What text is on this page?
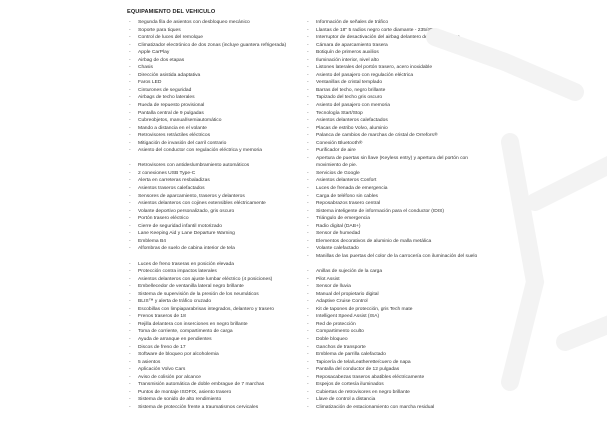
EQUIPAMIENTO DEL VEHICULO
- Segunda fila de asientos con desbloqueo mecánico
- Soporte para tiques
- Control de luces del remolque
- Climatizador electrónico de dos zonas (incluye guantera refrigerada)
- Apple CarPlay
- Airbag de dos etapas
- Chasis
- Dirección asistida adaptativa
- Faros LED
- Cinturones de seguridad
- Airbags de techo laterales
- Rueda de repuesto provisional
- Pantalla central de 9 pulgadas
- Cubreobjetos, manual/semiautomático
- Mando a distancia en el volante
- Retrovisores retráctiles eléctricos
- Mitigación de invasión del carril contrario
- Asiento del conductor con regulación eléctrica y memoria
- Retrovisores con antideslumbramiento automáticos
- 2 conexiones USB Type-C
- Alerta en carreteras resbaladizas
- Asientos traseros calefactados
- Sensores de aparcamiento, traseros y delanteros
- Asientos delanteros con cojines extensibles eléctricamente
- Volante deportivo personalizado, gris oscuro
- Portón trasero eléctrico
- Cierre de seguridad infantil motorizado
- Lane Keeping Aid y Lane Departure Warning
- Emblema B4
- Alfombras de suelo de cabina interior de tela
- Luces de freno traseras en posición elevada
- Protección contra impactos laterales
- Asientos delanteros con ajuste lumbar eléctrico (4 posiciones)
- Embellecedor de ventanilla lateral negro brillante
- Sistema de supervisión de la presión de los neumáticos
- BLIS™ y alerta de tráfico cruzado
- Escobillas con limpiaparabrisas integrados, delantero y trasero
- Frenos traseros de 18
- Rejilla delantera con inserciones en negro brillante
- Toma de corriente, compartimento de carga
- Ayuda de arranque en pendientes
- Discos de freno de 17
- Software de bloqueo por alcoholemia
- 5 asientos
- Aplicación Volvo Cars
- Aviso de colisión por alcance
- Transmisión automática de doble embrague de 7 marchas
- Puntos de montaje ISOFIX, asiento trasero
- Sistema de sonido de alto rendimiento
- Sistema de protección frente a traumatismos cervicales
- Información de señales de tráfico
- Llantas de 18" 5 radios negro corte diamante - 235/45
- Interruptor de desactivación del airbag delantero del acompañante
- Cámara de aparcamiento trasera
- Botiquín de primeros auxilios
- Iluminación interior, nivel alto
- Listones laterales del portón trasero, acero inoxidable
- Asiento del pasajero con regulación eléctrica
- Ventanillas de cristal templado
- Barras del techo, negro brillante
- Tapizado del techo gris oscuro
- Asiento del pasajero con memoria
- Tecnología Start/Stop
- Asientos delanteros calefactados
- Placas de estribo Volvo, aluminio
- Palanca de cambios de marchas de cristal de Orrefors®
- Conexión Bluetooth®
- Purificador de aire
- Apertura de puertas sin llave (Keyless entry) y apertura del portón con movimiento de pie.
- Servicios de Google
- Asientos delanteros Confort
- Luces de frenada de emergencia
- Carga de teléfono sin cables
- Reposabrazos trasero central
- Sistema inteligente de información para el conductor (IDIS)
- Triángulo de emergencia
- Radio digital (DAB+)
- Sensor de humedad
- Elementos decorativos de aluminio de malla metálica
- Volante calefactado
- Manillas de las puertas del color de la carrocería con iluminación del suelo
- Anillas de sujeción de la carga
- Pilot Assist
- Sensor de lluvia
- Manual del propietario digital
- Adaptive Cruise Control
- Kit de tapones de protección, gris Tech mate
- Intelligent Speed Assist (ISA)
- Red de protección
- Compartimento oculto
- Doble bloqueo
- Ganchos de transporte
- Emblema de parrilla calefactado
- Tapicería de tela/Leatherette/cuero de napa
- Pantalla del conductor de 12 pulgadas
- Reposacabezas traseros abatibles eléctricamente
- Espejos de cortesía iluminados
- Cubiertas de retrovisores en negro brillante
- Llave de control a distancia
- Climatización de estacionamiento con marcha residual
